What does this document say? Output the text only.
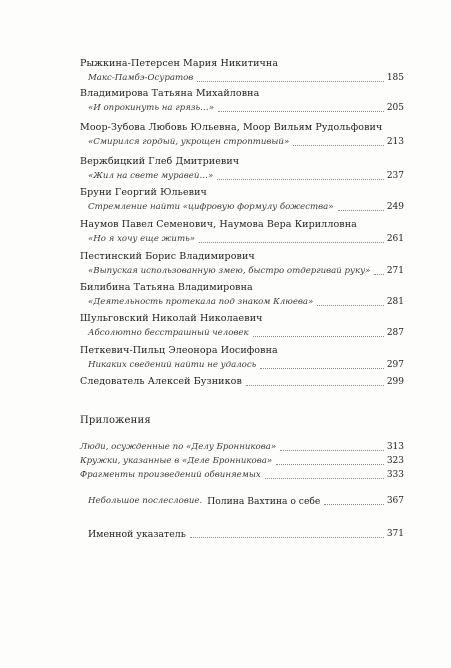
Рыжкина-Петерсен Мария Никитична
Макс-Памбэ-Осуратов	185
Владимирова Татьяна Михайловна
«И опрокинуть на грязь…»	205
Моор-Зубова Любовь Юльевна, Моор Вильям Рудольфович
«Смирился гордый, укрощен строптивый»	213
Вержбицкий Глеб Дмитриевич
«Жил на свете муравей…»	237
Бруни Георгий Юльевич
Стремление найти «цифровую формулу божества»	249
Наумов Павел Семенович, Наумова Вера Кирилловна
«Но я хочу еще жить»	261
Пестинский Борис Владимирович
«Выпуская использованную змею, быстро отдергивай руку» 271
Билибина Татьяна Владимировна
«Деятельность протекала под знаком Клюева»	281
Шульговский Николай Николаевич
Абсолютно бесстрашный человек	287
Петкевич-Пильц Элеонора Иосифовна
Никаких сведений найти не удалось	297
Следователь Алексей Бузников	299
Приложения
Люди, осужденные по «Делу Бронникова»	313
Кружки, указанные в «Деле Бронникова»	323
Фрагменты произведений обвиняемых	333
Небольшое послесловие. Полина Вахтина о себе	367
Именной указатель	371
